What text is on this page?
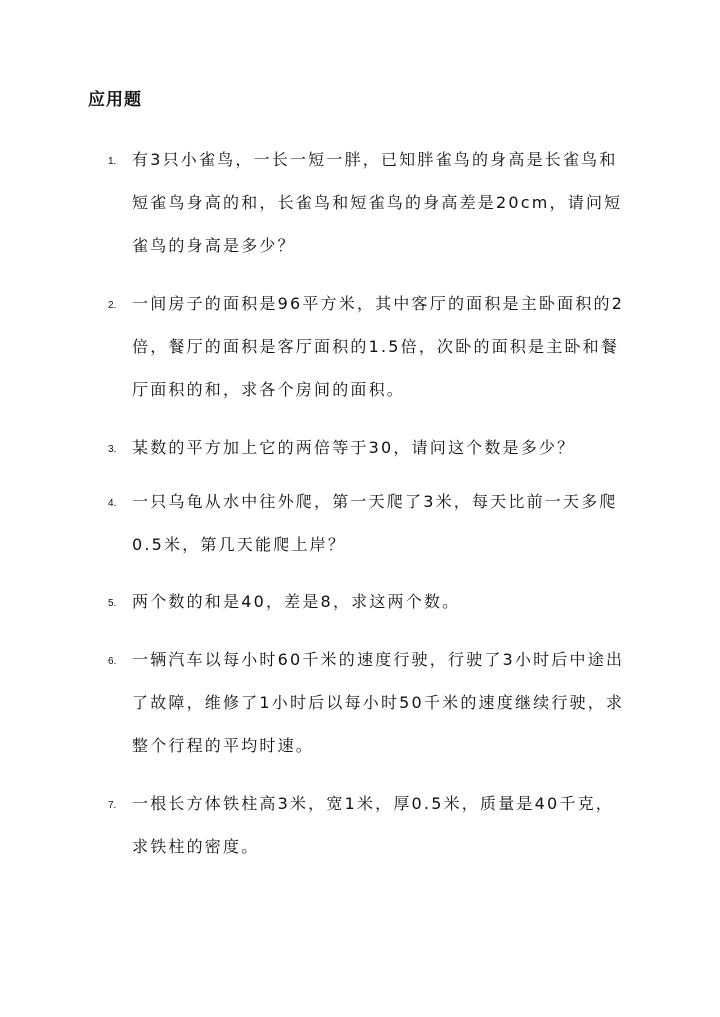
应用题
1. 有3只小雀鸟，一长一短一胖，已知胖雀鸟的身高是长雀鸟和短雀鸟身高的和，长雀鸟和短雀鸟的身高差是20cm，请问短雀鸟的身高是多少？
2. 一间房子的面积是96平方米，其中客厅的面积是主卧面积的2倍，餐厅的面积是客厅面积的1.5倍，次卧的面积是主卧和餐厅面积的和，求各个房间的面积。
3. 某数的平方加上它的两倍等于30，请问这个数是多少？
4. 一只乌龟从水中往外爬，第一天爬了3米，每天比前一天多爬0.5米，第几天能爬上岸？
5. 两个数的和是40，差是8，求这两个数。
6. 一辆汽车以每小时60千米的速度行驶，行驶了3小时后中途出了故障，维修了1小时后以每小时50千米的速度继续行驶，求整个行程的平均时速。
7. 一根长方体铁柱高3米，宽1米，厚0.5米，质量是40千克，求铁柱的密度。
